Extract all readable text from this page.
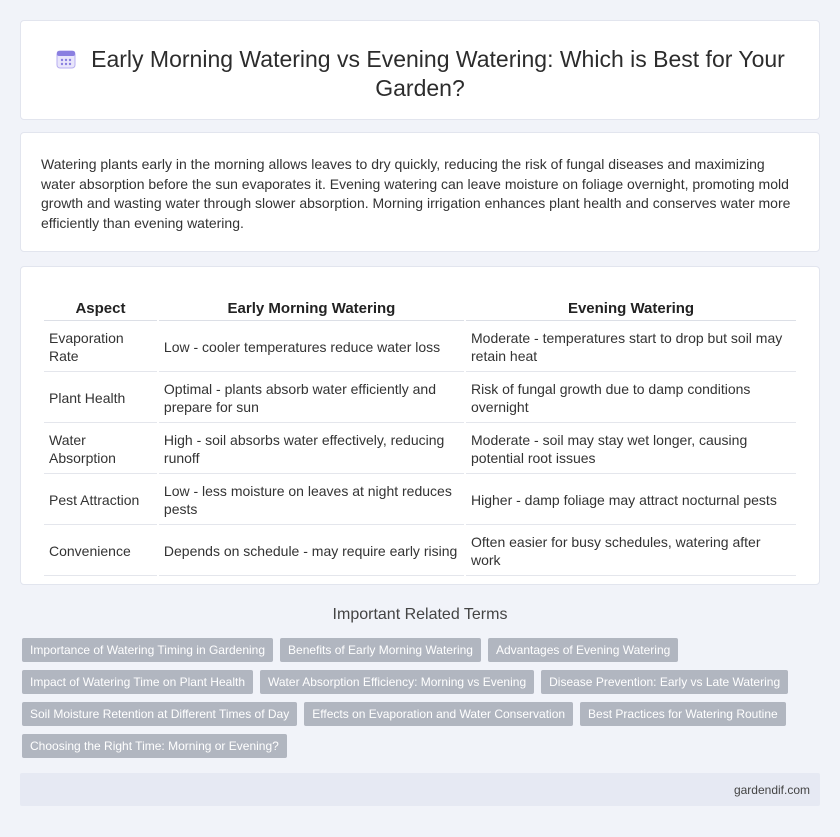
Early Morning Watering vs Evening Watering: Which is Best for Your Garden?

Watering plants early in the morning allows leaves to dry quickly, reducing the risk of fungal diseases and maximizing water absorption before the sun evaporates it. Evening watering can leave moisture on foliage overnight, promoting mold growth and wasting water through slower absorption. Morning irrigation enhances plant health and conserves water more efficiently than evening watering.

Aspect	Early Morning Watering	Evening Watering
Evaporation Rate	Low - cooler temperatures reduce water loss	Moderate - temperatures start to drop but soil may retain heat
Plant Health	Optimal - plants absorb water efficiently and prepare for sun	Risk of fungal growth due to damp conditions overnight
Water Absorption	High - soil absorbs water effectively, reducing runoff	Moderate - soil may stay wet longer, causing potential root issues
Pest Attraction	Low - less moisture on leaves at night reduces pests	Higher - damp foliage may attract nocturnal pests
Convenience	Depends on schedule - may require early rising	Often easier for busy schedules, watering after work
Important Related Terms
Importance of Watering Timing in Gardening	Benefits of Early Morning Watering	Advantages of Evening Watering
Impact of Watering Time on Plant Health	Water Absorption Efficiency: Morning vs Evening	Disease Prevention: Early vs Late Watering
Soil Moisture Retention at Different Times of Day	Effects on Evaporation and Water Conservation	Best Practices for Watering Routine
Choosing the Right Time: Morning or Evening?
gardendif.com
